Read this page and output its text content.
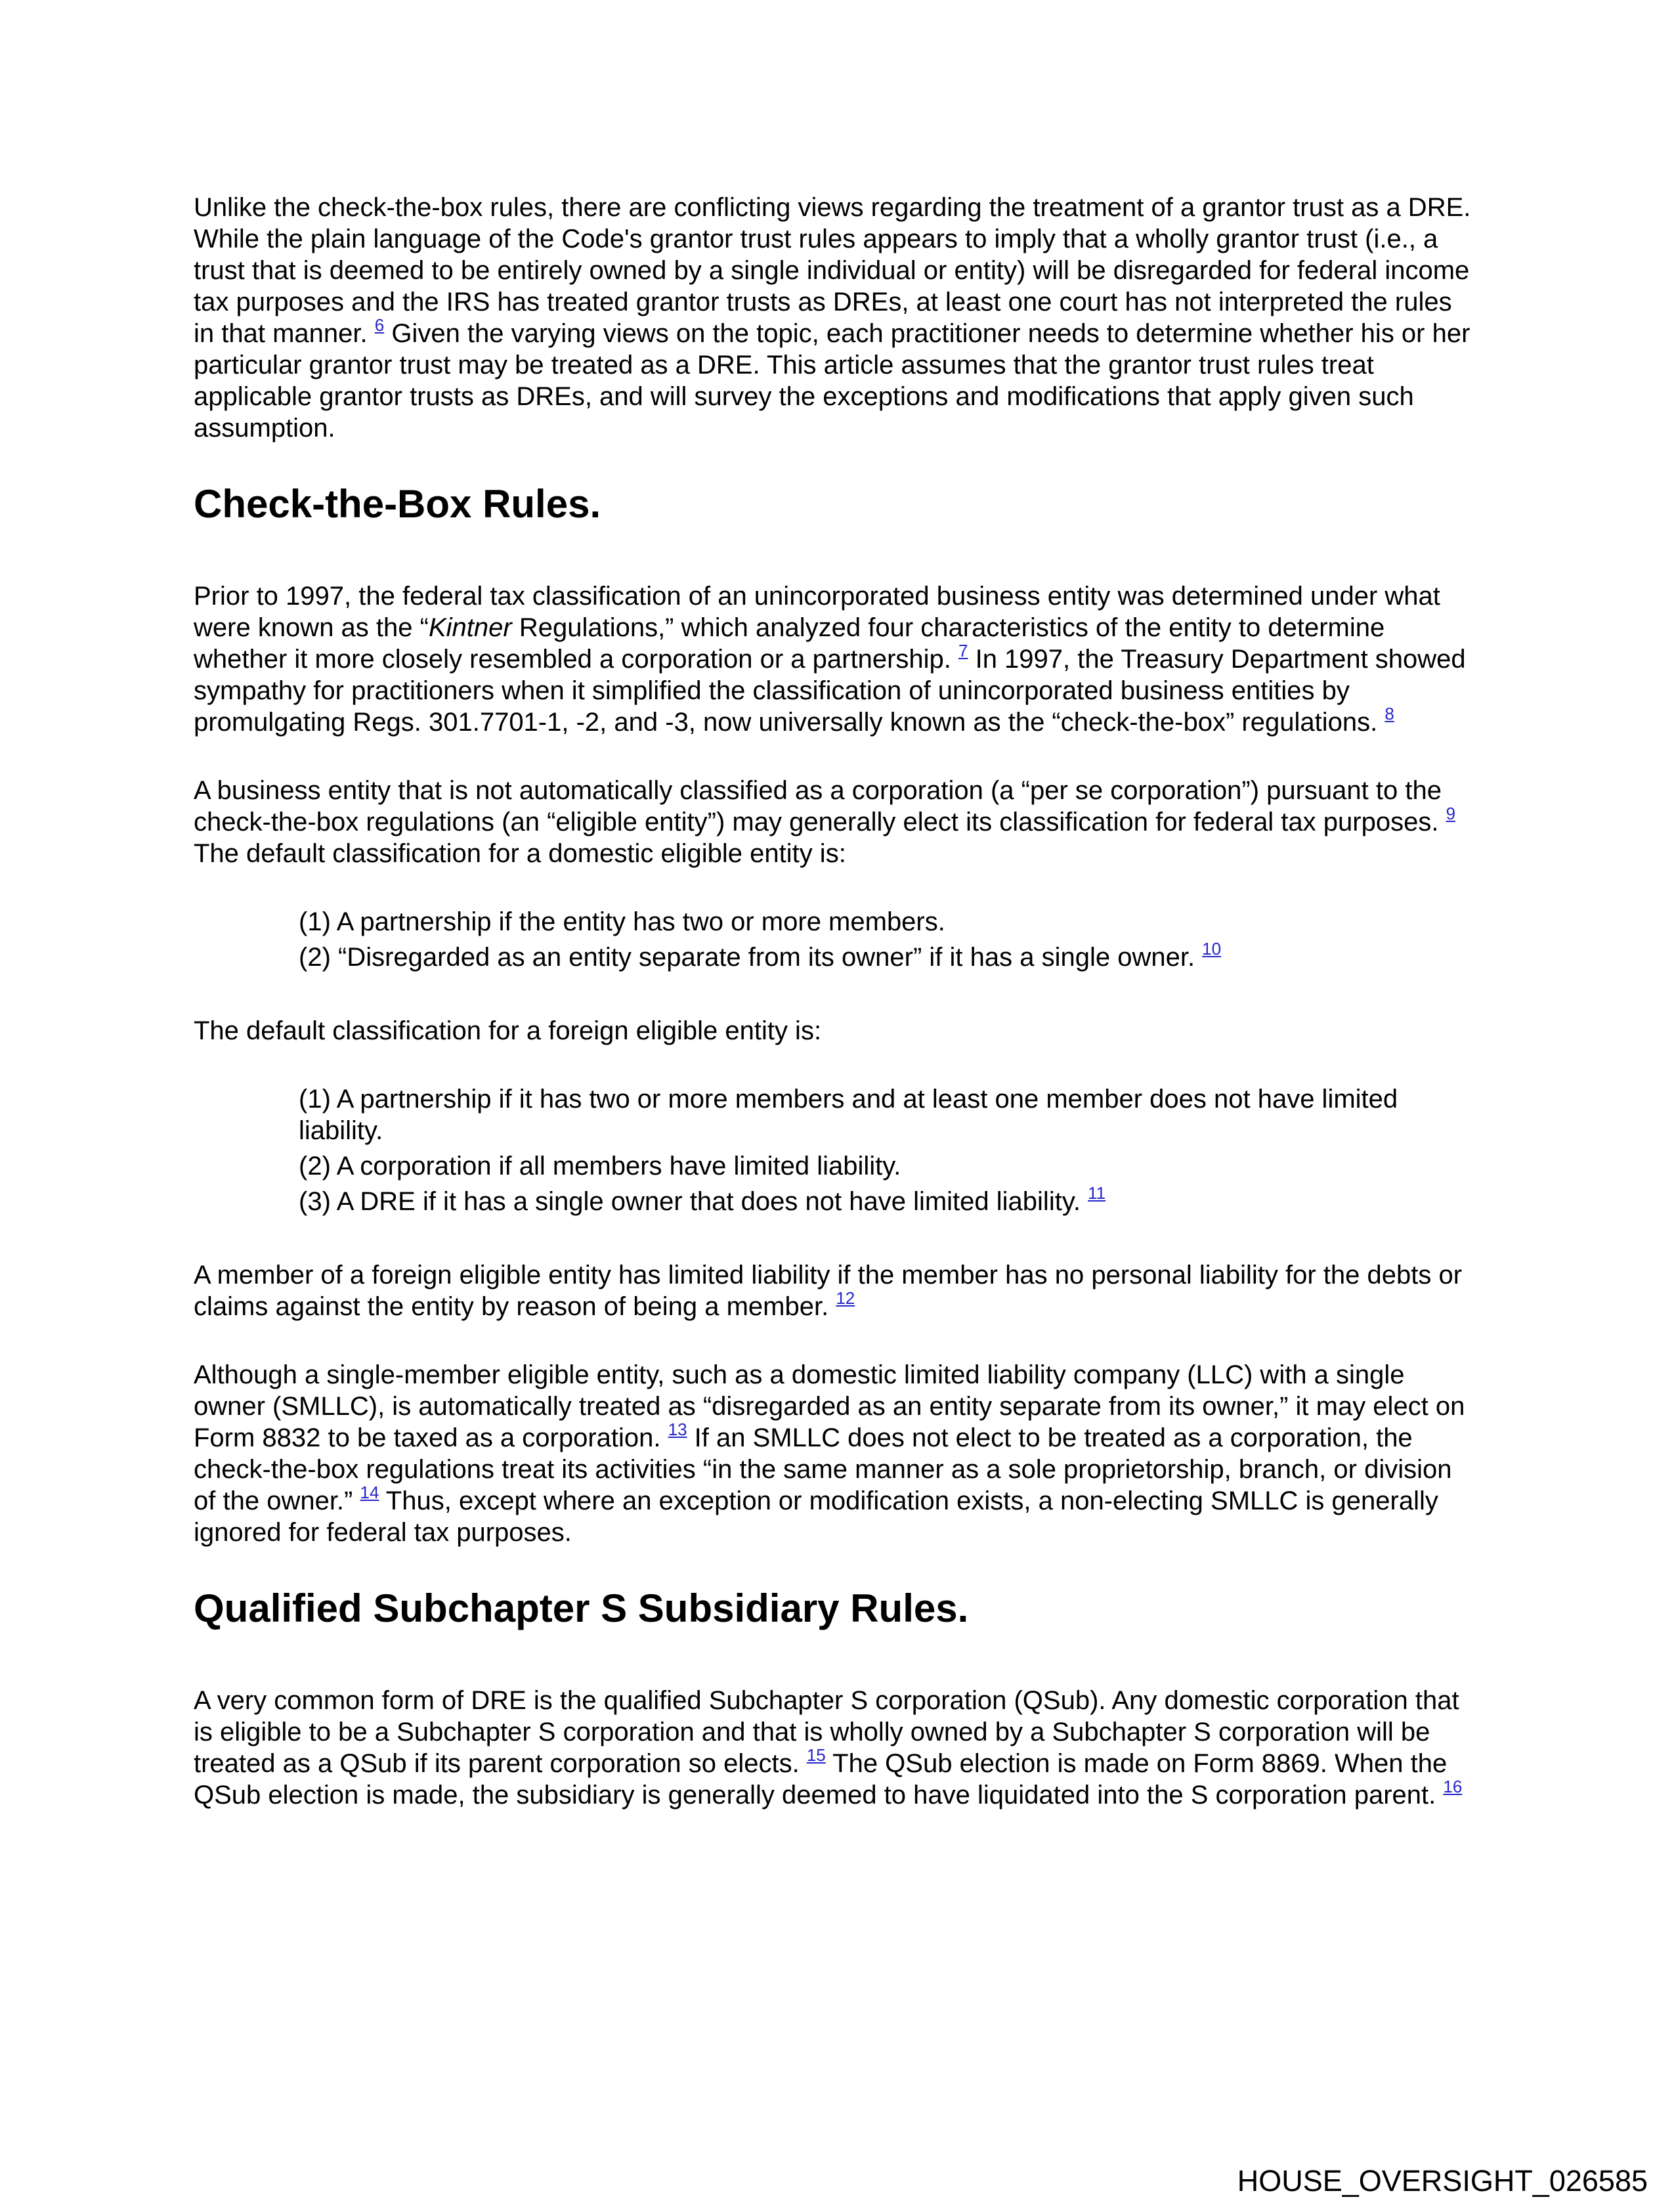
Unlike the check-the-box rules, there are conflicting views regarding the treatment of a grantor trust as a DRE. While the plain language of the Code's grantor trust rules appears to imply that a wholly grantor trust (i.e., a trust that is deemed to be entirely owned by a single individual or entity) will be disregarded for federal income tax purposes and the IRS has treated grantor trusts as DREs, at least one court has not interpreted the rules in that manner. $^6$ Given the varying views on the topic, each practitioner needs to determine whether his or her particular grantor trust may be treated as a DRE. This article assumes that the grantor trust rules treat applicable grantor trusts as DREs, and will survey the exceptions and modifications that apply given such assumption.

Check-the-Box Rules.

Prior to 1997, the federal tax classification of an unincorporated business entity was determined under what were known as the “Kintner Regulations,” which analyzed four characteristics of the entity to determine whether it more closely resembled a corporation or a partnership. $^7$ In 1997, the Treasury Department showed sympathy for practitioners when it simplified the classification of unincorporated business entities by promulgating Regs. 301.7701-1, -2, and -3, now universally known as the “check-the-box” regulations. $^8$

A business entity that is not automatically classified as a corporation (a “per se corporation”) pursuant to the check-the-box regulations (an “eligible entity”) may generally elect its classification for federal tax purposes. $^9$ The default classification for a domestic eligible entity is:

(1) A partnership if the entity has two or more members.
(2) “Disregarded as an entity separate from its owner” if it has a single owner. $^{10}$

The default classification for a foreign eligible entity is:

(1) A partnership if it has two or more members and at least one member does not have limited liability.
(2) A corporation if all members have limited liability.
(3) A DRE if it has a single owner that does not have limited liability. $^{11}$

A member of a foreign eligible entity has limited liability if the member has no personal liability for the debts or claims against the entity by reason of being a member. $^{12}$

Although a single-member eligible entity, such as a domestic limited liability company (LLC) with a single owner (SMLLC), is automatically treated as “disregarded as an entity separate from its owner,” it may elect on Form 8832 to be taxed as a corporation. $^{13}$ If an SMLLC does not elect to be treated as a corporation, the check-the-box regulations treat its activities “in the same manner as a sole proprietorship, branch, or division of the owner.” $^{14}$ Thus, except where an exception or modification exists, a non-electing SMLLC is generally ignored for federal tax purposes.

Qualified Subchapter S Subsidiary Rules.

A very common form of DRE is the qualified Subchapter S corporation (QSub). Any domestic corporation that is eligible to be a Subchapter S corporation and that is wholly owned by a Subchapter S corporation will be treated as a QSub if its parent corporation so elects. $^{15}$ The QSub election is made on Form 8869. When the QSub election is made, the subsidiary is generally deemed to have liquidated into the S corporation parent. $^{16}$

HOUSE_OVERSIGHT_026585
